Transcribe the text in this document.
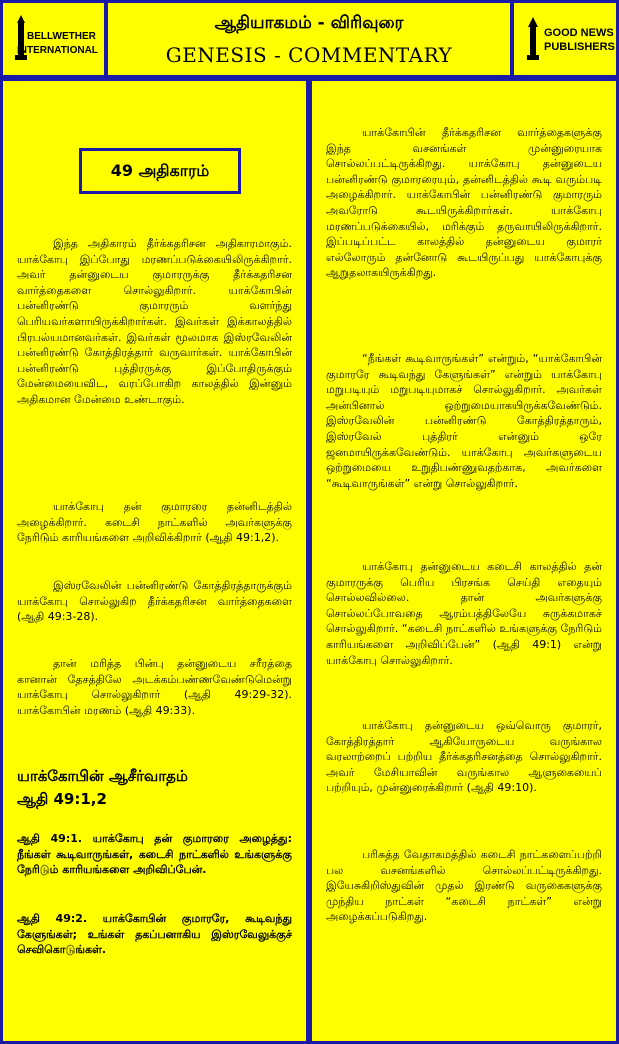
BELLWETHER
INTERNATIONAL
ஆதியாகமம் - விரிவுரை
GENESIS - COMMENTARY
GOOD NEWS
PUBLISHERS
49 அதிகாரம்

இந்த அதிகாரம் தீர்க்கதரிசன அதிகாரமாகும். யாக்கோபு இப்போது மரணப்படுக்கையிலிருக்கிறார். அவர் தன்னுடைய குமாரருக்கு தீர்க்கதரிசன வார்த்தைகளை சொல்லுகிறார். யாக்கோபின் பன்னிரண்டு குமாரரும் வளர்ந்து பெரியவர்களாயிருக்கிறார்கள். இவர்கள் இக்காலத்தில் பிரபல்யமானவர்கள். இவர்கள் மூலமாக இஸ்ரவேலின் பன்னிரண்டு கோத்திரத்தார் வருவார்கள். யாக்கோபின் பன்னிரண்டு புத்திரருக்கு இப்போதிருக்கும் மேன்மையைவிட, வரப்போகிற காலத்தில் இன்னும் அதிகமான மேன்மை உண்டாகும்.

யாக்கோபு தன் குமாரரை தன்னிடத்தில் அழைக்கிறார். கடைசி நாட்களில் அவர்களுக்கு நேரிடும் காரியங்களை அறிவிக்கிறார் (ஆதி 49:1,2).

இஸ்ரவேலின் பன்னிரண்டு கோத்திரத்தாருக்கும் யாக்கோபு சொல்லுகிற தீர்க்கதரிசன வார்த்தைகளை (ஆதி 49:3-28).

தான் மரித்த பின்பு தன்னுடைய சரீரத்தை கானான் தேசத்திலே அடக்கம்பண்ணவேண்டுமென்று யாக்கோபு சொல்லுகிறார் (ஆதி 49:29-32). யாக்கோபின் மரணம் (ஆதி 49:33).

யாக்கோபின் ஆசீர்வாதம்
ஆதி 49:1,2

ஆதி 49:1. யாக்கோபு தன் குமாரரை அழைத்து: நீங்கள் கூடிவாருங்கள், கடைசி நாட்களில் உங்களுக்கு நேரிடும் காரியங்களை அறிவிப்பேன்.

ஆதி 49:2. யாக்கோபின் குமாரரே, கூடிவந்து கேளுங்கள்; உங்கள் தகப்பனாகிய இஸ்ரவேலுக்குச் செவிகொடுங்கள்.

யாக்கோபின் தீர்க்கதரிசன வார்த்தைகளுக்கு இந்த வசனங்கள் முன்னுரையாக சொல்லப்பட்டிருக்கிறது. யாக்கோபு தன்னுடைய பன்னிரண்டு குமாரரையும், தன்னிடத்தில் கூடி வரும்படி அழைக்கிறார். யாக்கோபின் பன்னிரண்டு குமாரரும் அவரோடு கூடயிருக்கிறார்கள். யாக்கோபு மரணப்படுக்கையில், மரிக்கும் தருவாயிலிருக்கிறார். இப்படிப்பட்ட காலத்தில் தன்னுடைய குமாரர் எல்லோரும் தன்னோடு கூடயிருப்பது யாக்கோபுக்கு ஆறுதலாகயிருக்கிறது.

“நீங்கள் கூடிவாருங்கள்” என்றும், “யாக்கோபின் குமாரரே கூடிவந்து கேளுங்கள்” என்றும் யாக்கோபு மறுபடியும் மறுபடியுமாகச் சொல்லுகிறார். அவர்கள் அன்பினால் ஒற்றுமையாகயிருக்கவேண்டும். இஸ்ரவேலின் பன்னிரண்டு கோத்திரத்தாரும், இஸ்ரவேல் புத்திரர் என்னும் ஒரே ஜனமாயிருக்கவேண்டும். யாக்கோபு அவர்களுடைய ஒற்றுமையை உறுதிபண்ணுவதற்காக, அவர்களை “கூடிவாருங்கள்” என்று சொல்லுகிறார்.

யாக்கோபு தன்னுடைய கடைசி காலத்தில் தன் குமாரருக்கு பெரிய பிரசங்க செய்தி எதையும் சொல்லவில்லை. தான் அவர்களுக்கு சொல்லப்போவதை ஆரம்பத்திலேயே சுருக்கமாகச் சொல்லுகிறார். “கடைசி நாட்களில் உங்களுக்கு நேரிடும் காரியங்களை அறிவிப்பேன்” (ஆதி 49:1) என்று யாக்கோபு சொல்லுகிறார்.

யாக்கோபு தன்னுடைய ஒவ்வொரு குமாரர், கோத்திரத்தார் ஆகியோருடைய வருங்கால வரலாற்றைப் பற்றிய தீர்க்கதரிசனத்தை சொல்லுகிறார். அவர் மேசியாவின் வருங்கால ஆளுகையைப் பற்றியும், முன்னுரைக்கிறார் (ஆதி 49:10).

பரிசுத்த வேதாகமத்தில் கடைசி நாட்களைப்பற்றி பல வசனங்களில் சொல்லப்பட்டிருக்கிறது. இயேசுகிறிஸ்துவின் முதல் இரண்டு வருகைகளுக்கு முந்திய நாட்கள் “கடைசி நாட்கள்” என்று அழைக்கப்படுகிறது.
